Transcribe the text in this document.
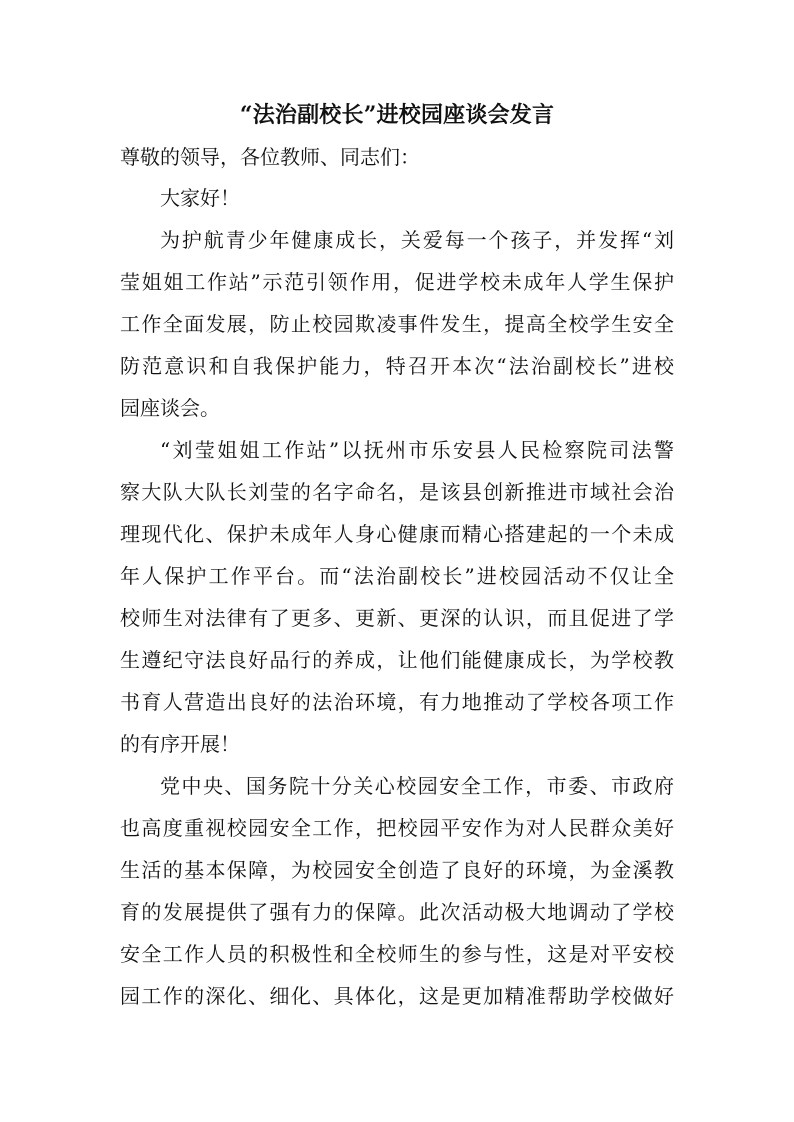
“法治副校长”进校园座谈会发言
尊敬的领导，各位教师、同志们：
大家好！
为护航青少年健康成长，关爱每一个孩子，并发挥“刘
莹姐姐工作站”示范引领作用，促进学校未成年人学生保护
工作全面发展，防止校园欺凌事件发生，提高全校学生安全
防范意识和自我保护能力，特召开本次“法治副校长”进校
园座谈会。
“刘莹姐姐工作站”以抚州市乐安县人民检察院司法警
察大队大队长刘莹的名字命名，是该县创新推进市域社会治
理现代化、保护未成年人身心健康而精心搭建起的一个未成
年人保护工作平台。而“法治副校长”进校园活动不仅让全
校师生对法律有了更多、更新、更深的认识，而且促进了学
生遵纪守法良好品行的养成，让他们能健康成长，为学校教
书育人营造出良好的法治环境，有力地推动了学校各项工作
的有序开展！
党中央、国务院十分关心校园安全工作，市委、市政府
也高度重视校园安全工作，把校园平安作为对人民群众美好
生活的基本保障，为校园安全创造了良好的环境，为金溪教
育的发展提供了强有力的保障。此次活动极大地调动了学校
安全工作人员的积极性和全校师生的参与性，这是对平安校
园工作的深化、细化、具体化，这是更加精准帮助学校做好
